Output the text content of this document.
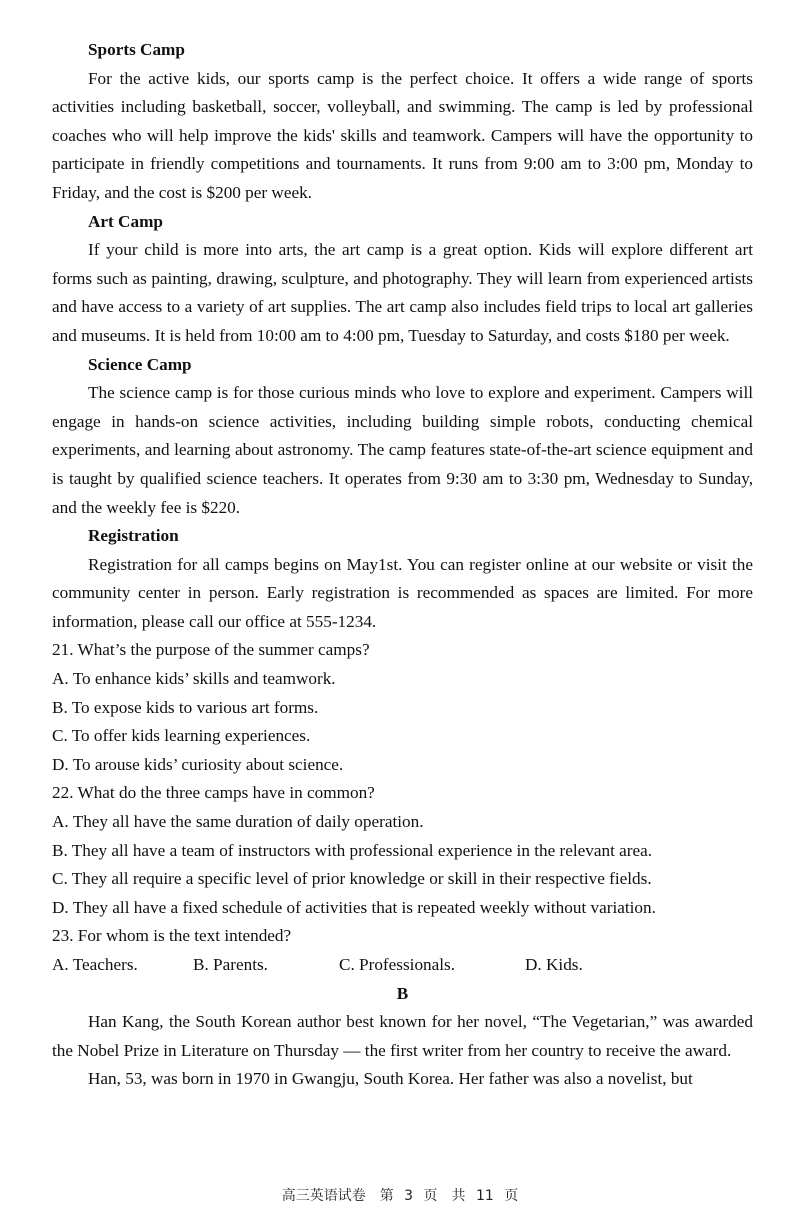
Sports Camp

For the active kids, our sports camp is the perfect choice. It offers a wide range of sports activities including basketball, soccer, volleyball, and swimming. The camp is led by professional coaches who will help improve the kids' skills and teamwork. Campers will have the opportunity to participate in friendly competitions and tournaments. It runs from 9:00 am to 3:00 pm, Monday to Friday, and the cost is $200 per week.

Art Camp

If your child is more into arts, the art camp is a great option. Kids will explore different art forms such as painting, drawing, sculpture, and photography. They will learn from experienced artists and have access to a variety of art supplies. The art camp also includes field trips to local art galleries and museums. It is held from 10:00 am to 4:00 pm, Tuesday to Saturday, and costs $180 per week.

Science Camp

The science camp is for those curious minds who love to explore and experiment. Campers will engage in hands-on science activities, including building simple robots, conducting chemical experiments, and learning about astronomy. The camp features state-of-the-art science equipment and is taught by qualified science teachers. It operates from 9:30 am to 3:30 pm, Wednesday to Sunday, and the weekly fee is $220.

Registration

Registration for all camps begins on May1st. You can register online at our website or visit the community center in person. Early registration is recommended as spaces are limited. For more information, please call our office at 555-1234.

21. What’s the purpose of the summer camps?
A. To enhance kids’ skills and teamwork.
B. To expose kids to various art forms.
C. To offer kids learning experiences.
D. To arouse kids’ curiosity about science.
22. What do the three camps have in common?
A. They all have the same duration of daily operation.
B. They all have a team of instructors with professional experience in the relevant area.
C. They all require a specific level of prior knowledge or skill in their respective fields.
D. They all have a fixed schedule of activities that is repeated weekly without variation.
23. For whom is the text intended?
A. Teachers.	B. Parents.	C. Professionals.	D. Kids.
B

Han Kang, the South Korean author best known for her novel, “The Vegetarian,” was awarded the Nobel Prize in Literature on Thursday — the first writer from her country to receive the award.

Han, 53, was born in 1970 in Gwangju, South Korea. Her father was also a novelist, but

高三英语试卷　第 3 页　共 11 页
